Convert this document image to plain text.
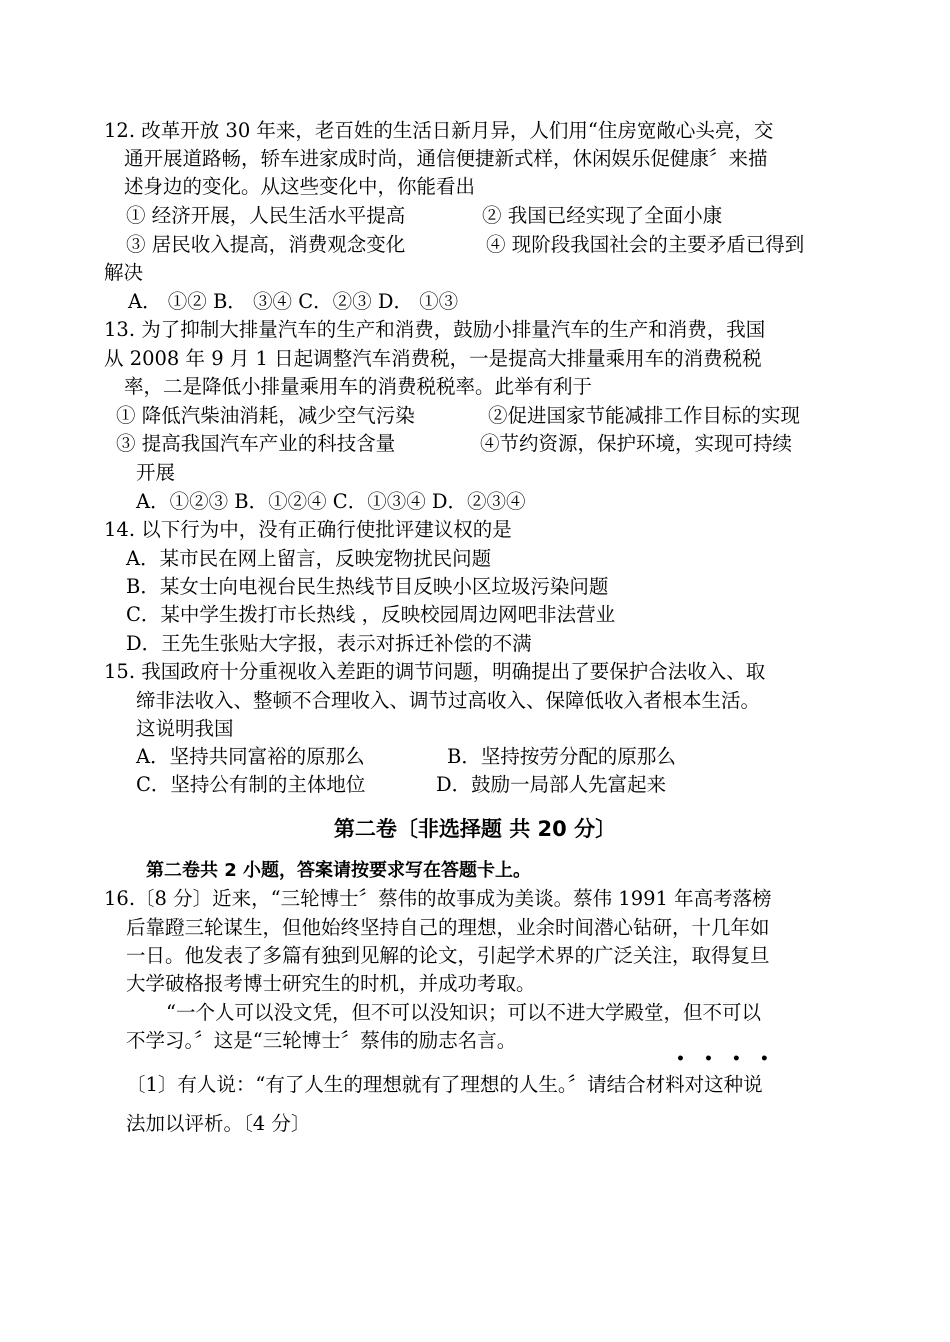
12. 改革开放 30 年来，老百姓的生活日新月异，人们用“住房宽敞心头亮，交
通开展道路畅，轿车进家成时尚，通信便捷新式样，休闲娱乐促健康〞来描
述身边的变化。从这些变化中，你能看出
① 经济开展，人民生活水平提高	② 我国已经实现了全面小康
③ 居民收入提高，消费观念变化	④ 现阶段我国社会的主要矛盾已得到
解决
A． ①② B． ③④ C．②③ D． ①③
13. 为了抑制大排量汽车的生产和消费，鼓励小排量汽车的生产和消费，我国
从 2008 年 9 月 1 日起调整汽车消费税，一是提高大排量乘用车的消费税税
率，二是降低小排量乘用车的消费税税率。此举有利于
① 降低汽柴油消耗，减少空气污染	②促进国家节能减排工作目标的实现
③ 提高我国汽车产业的科技含量	④节约资源，保护环境，实现可持续
开展
A．①②③ B．①②④ C．①③④ D．②③④
14. 以下行为中，没有正确行使批评建议权的是
A．某市民在网上留言，反映宠物扰民问题
B．某女士向电视台民生热线节目反映小区垃圾污染问题
C．某中学生拨打市长热线 ，反映校园周边网吧非法营业
D．王先生张贴大字报，表示对拆迁补偿的不满
15. 我国政府十分重视收入差距的调节问题，明确提出了要保护合法收入、取
缔非法收入、整顿不合理收入、调节过高收入、保障低收入者根本生活。
这说明我国
A．坚持共同富裕的原那么	B．坚持按劳分配的原那么
C．坚持公有制的主体地位	D．鼓励一局部人先富起来
第二卷〔非选择题 共 20 分〕
第二卷共 2 小题，答案请按要求写在答题卡上。
16.〔8 分〕近来，“三轮博士〞蔡伟的故事成为美谈。蔡伟 1991 年高考落榜
后靠蹬三轮谋生，但他始终坚持自己的理想，业余时间潜心钻研，十几年如
一日。他发表了多篇有独到见解的论文，引起学术界的广泛关注，取得复旦
大学破格报考博士研究生的时机，并成功考取。
“一个人可以没文凭，但不可以没知识；可以不进大学殿堂，但不可以
不学习。〞这是“三轮博士〞蔡伟的励志名言。
••••
〔1〕有人说：“有了人生的理想就有了理想的人生。〞请结合材料对这种说
法加以评析。〔4 分〕
